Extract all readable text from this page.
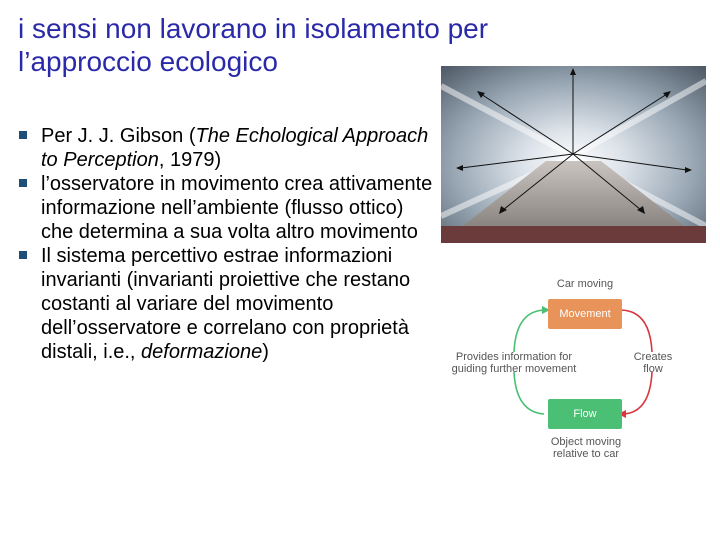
i sensi non lavorano in isolamento per
l’approccio ecologico
Per J. J. Gibson (The Echological Approach to Perception, 1979)
l’osservatore in movimento crea attivamente informazione nell’ambiente (flusso ottico) che determina a sua volta altro movimento
Il sistema percettivo estrae informazioni invarianti (invarianti proiettive che restano costanti al variare del movimento dell’osservatore e correlano con proprietà distali, i.e., deformazione)
Car moving
Movement
Flow
Provides information for
guiding further movement
Creates
flow
Object moving
relative to car
